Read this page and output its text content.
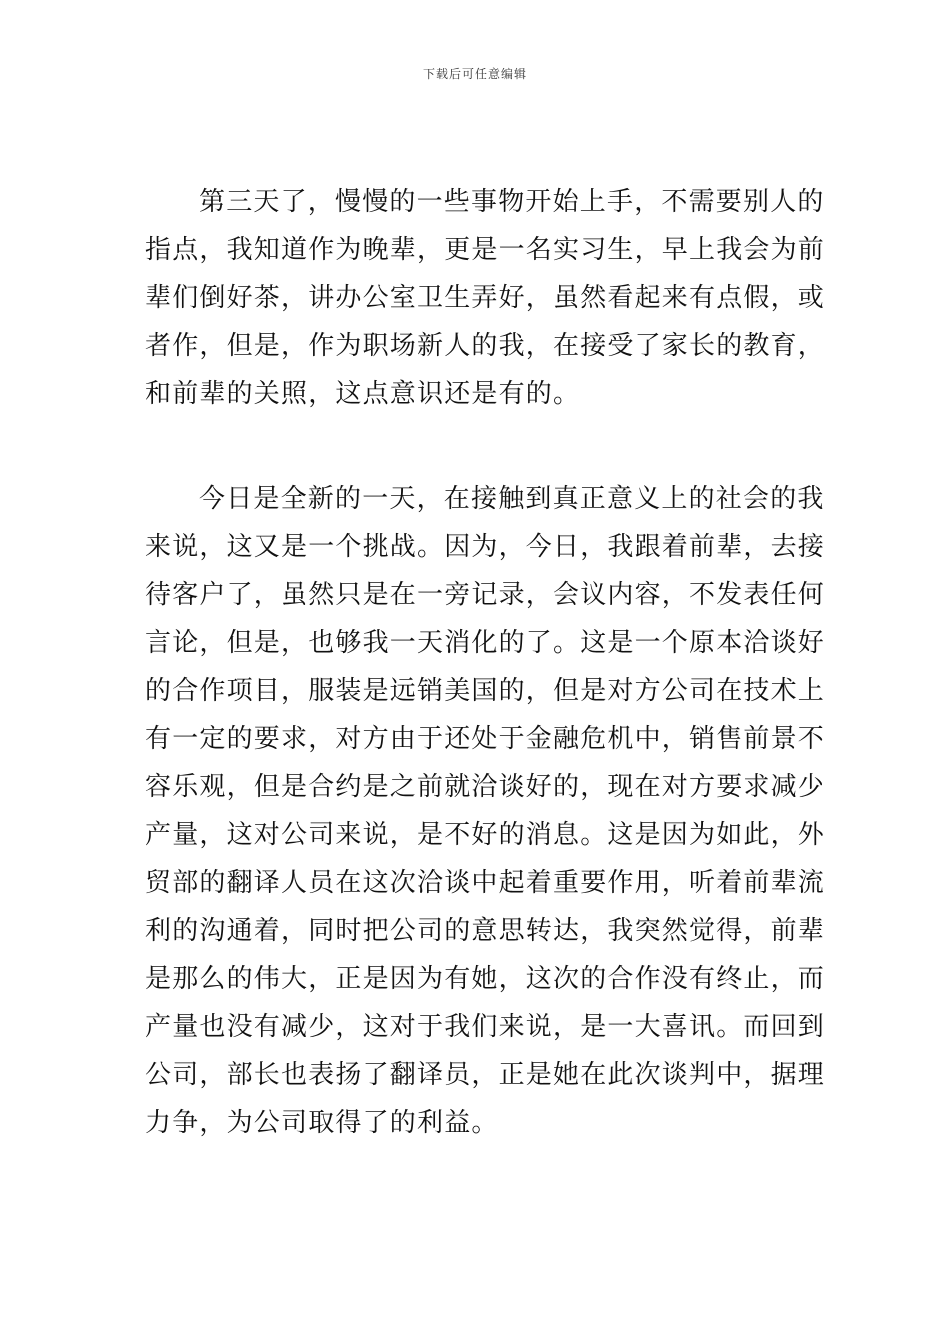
下载后可任意编辑
第三天了，慢慢的一些事物开始上手，不需要别人的
指点，我知道作为晚辈，更是一名实习生，早上我会为前
辈们倒好茶，讲办公室卫生弄好，虽然看起来有点假，或
者作，但是，作为职场新人的我，在接受了家长的教育，
和前辈的关照，这点意识还是有的。
今日是全新的一天，在接触到真正意义上的社会的我
来说，这又是一个挑战。因为，今日，我跟着前辈，去接
待客户了，虽然只是在一旁记录，会议内容，不发表任何
言论，但是，也够我一天消化的了。这是一个原本洽谈好
的合作项目，服装是远销美国的，但是对方公司在技术上
有一定的要求，对方由于还处于金融危机中，销售前景不
容乐观，但是合约是之前就洽谈好的，现在对方要求减少
产量，这对公司来说，是不好的消息。这是因为如此，外
贸部的翻译人员在这次洽谈中起着重要作用，听着前辈流
利的沟通着，同时把公司的意思转达，我突然觉得，前辈
是那么的伟大，正是因为有她，这次的合作没有终止，而
产量也没有减少，这对于我们来说，是一大喜讯。而回到
公司，部长也表扬了翻译员，正是她在此次谈判中，据理
力争，为公司取得了的利益。
